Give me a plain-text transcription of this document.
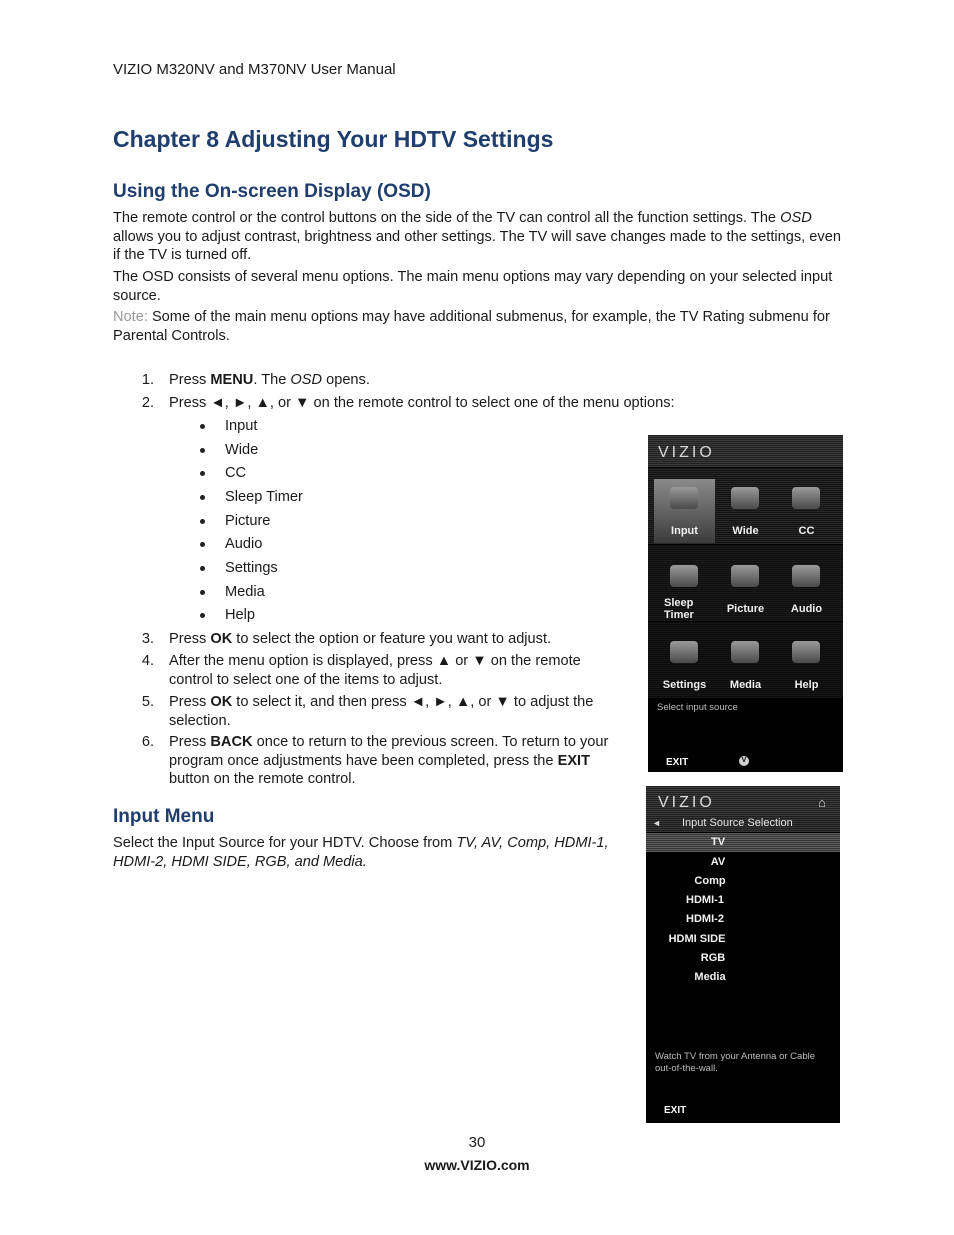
VIZIO M320NV and M370NV User Manual
Chapter 8 Adjusting Your HDTV Settings
Using the On-screen Display (OSD)
The remote control or the control buttons on the side of the TV can control all the function settings. The OSD allows you to adjust contrast, brightness and other settings. The TV will save changes made to the settings, even if the TV is turned off.
The OSD consists of several menu options. The main menu options may vary depending on your selected input source.
Note: Some of the main menu options may have additional submenus, for example, the TV Rating submenu for Parental Controls.
1. Press MENU. The OSD opens.
2. Press ◄, ►, ▲, or ▼ on the remote control to select one of the menu options:
Input
Wide
CC
Sleep Timer
Picture
Audio
Settings
Media
Help
3. Press OK to select the option or feature you want to adjust.
4. After the menu option is displayed, press ▲ or ▼ on the remote control to select one of the items to adjust.
5. Press OK to select it, and then press ◄, ►, ▲, or ▼ to adjust the selection.
6. Press BACK once to return to the previous screen. To return to your program once adjustments have been completed, press the EXIT button on the remote control.
Input Menu
Select the Input Source for your HDTV. Choose from TV, AV, Comp, HDMI-1, HDMI-2, HDMI SIDE, RGB, and Media.
VIZIO
Input	Wide	CC
Sleep Timer	Picture	Audio
Settings	Media	Help
Select input source
EXIT	V
VIZIO	⌂
◄ Input Source Selection
TV
AV
Comp
HDMI-1
HDMI-2
HDMI SIDE
RGB
Media
Watch TV from your Antenna or Cable out-of-the-wall.
EXIT
30
www.VIZIO.com
